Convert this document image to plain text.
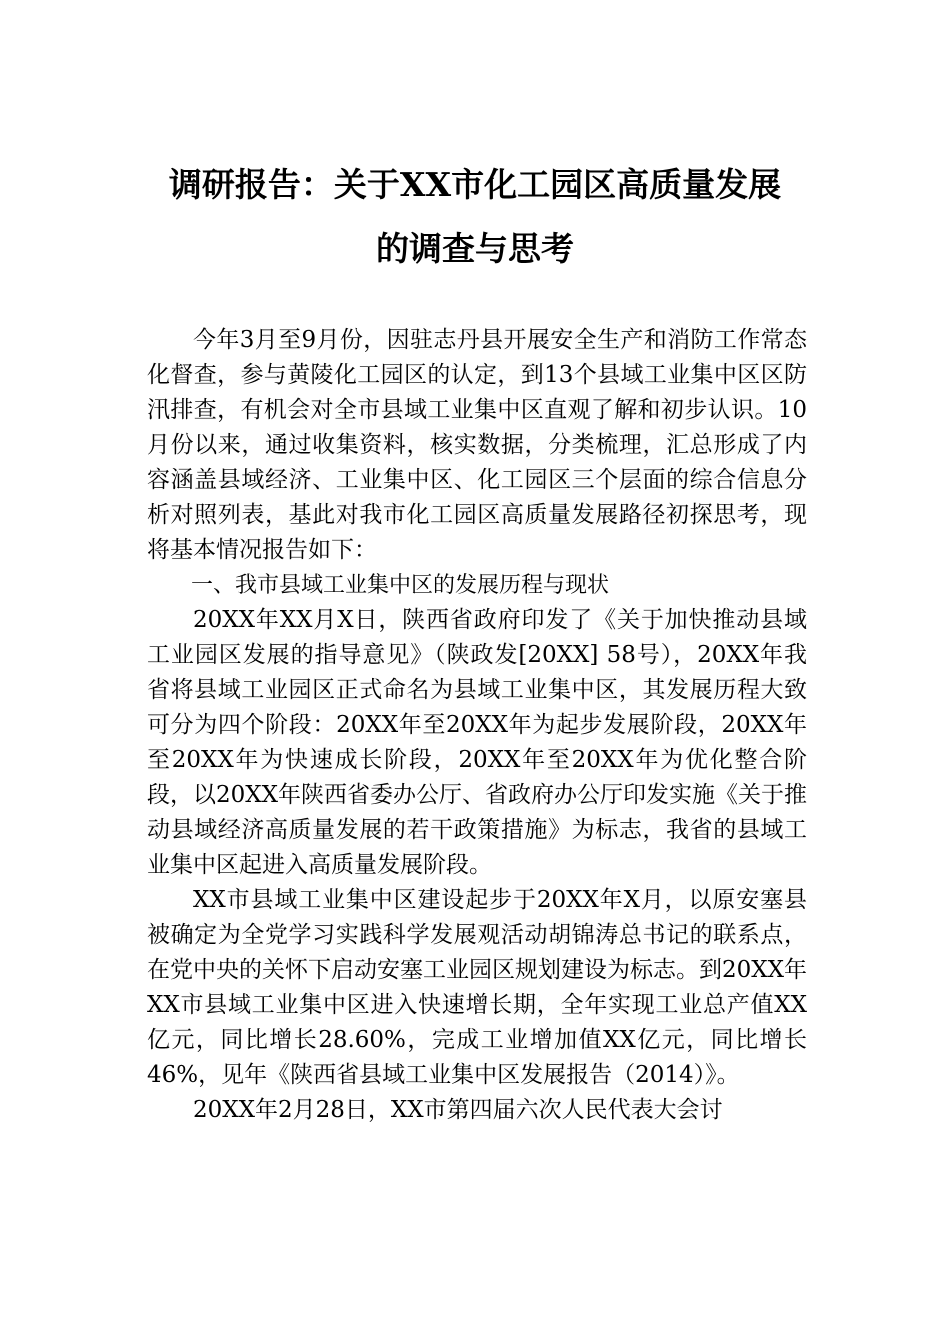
调研报告：关于XX市化工园区高质量发展
的调查与思考

今年3月至9月份，因驻志丹县开展安全生产和消防工作常态化督查，参与黄陵化工园区的认定，到13个县域工业集中区区防汛排查，有机会对全市县域工业集中区直观了解和初步认识。10月份以来，通过收集资料，核实数据，分类梳理，汇总形成了内容涵盖县域经济、工业集中区、化工园区三个层面的综合信息分析对照列表，基此对我市化工园区高质量发展路径初探思考，现将基本情况报告如下：

一、我市县域工业集中区的发展历程与现状

20XX年XX月X日，陕西省政府印发了《关于加快推动县域工业园区发展的指导意见》（陕政发[20XX] 58号），20XX年我省将县域工业园区正式命名为县域工业集中区，其发展历程大致可分为四个阶段：20XX年至20XX年为起步发展阶段，20XX年至20XX年为快速成长阶段，20XX年至20XX年为优化整合阶段，以20XX年陕西省委办公厅、省政府办公厅印发实施《关于推动县域经济高质量发展的若干政策措施》为标志，我省的县域工业集中区起进入高质量发展阶段。

XX市县域工业集中区建设起步于20XX年X月，以原安塞县被确定为全党学习实践科学发展观活动胡锦涛总书记的联系点，在党中央的关怀下启动安塞工业园区规划建设为标志。到20XX年XX市县域工业集中区进入快速增长期，全年实现工业总产值XX亿元，同比增长28.60%，完成工业增加值XX亿元，同比增长46%，见年《陕西省县域工业集中区发展报告（2014）》。

20XX年2月28日，XX市第四届六次人民代表大会讨
